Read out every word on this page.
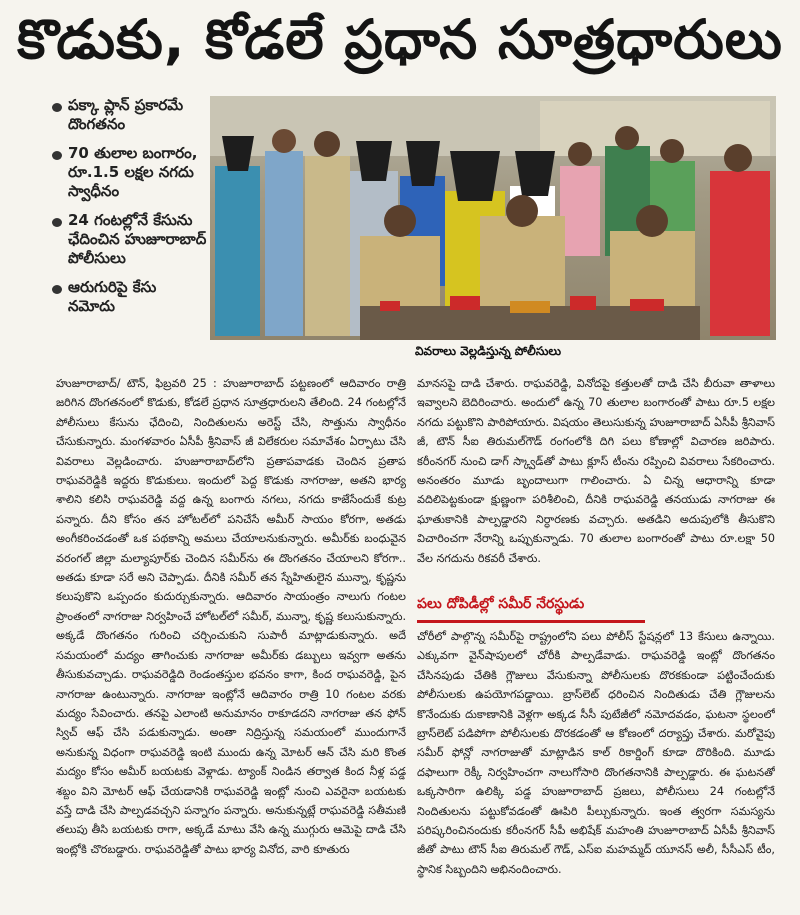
కొడుకు, కోడలే ప్రధాన సూత్రధారులు
పక్కా ప్లాన్ ప్రకారమే దొంగతనం
70 తులాల బంగారం, రూ.1.5 లక్షల నగదు స్వాధీనం
24 గంటల్లోనే కేసును ఛేదించిన హుజూరాబాద్ పోలీసులు
ఆరుగురిపై కేసు నమోదు
వివరాలు వెల్లడిస్తున్న పోలీసులు

హుజూరాబాద్/ టౌన్, ఫిబ్రవరి 25 : హుజూరాబాద్ పట్టణంలో ఆదివారం రాత్రి జరిగిన దొంగతనంలో కొడుకు, కోడలే ప్రధాన సూత్రధారులని తేలింది. 24 గంటల్లోనే పోలీసులు కేసును ఛేదించి, నిందితులను అరెస్ట్ చేసి, సొత్తును స్వాధీనం చేసుకున్నారు. మంగళవారం ఏసీపీ శ్రీనివాస్ జీ విలేకరుల సమావేశం ఏర్పాటు చేసి వివరాలు వెల్లడించారు. హుజూరాబాద్‌లోని ప్రతాపవాడకు చెందిన ప్రతాప రాఘవరెడ్డికి ఇద్దరు కొడుకులు. ఇందులో పెద్ద కొడుకు నాగరాజు, అతని భార్య శాలిని కలిసి రాఘవరెడ్డి వద్ద ఉన్న బంగారు నగలు, నగదు కాజేసేందుకే కుట్ర పన్నారు. దీని కోసం తన హోటల్‌లో పనిచేసే అమీర్ సాయం కోరగా, అతడు అంగీకరించడంతో ఒక పథకాన్ని అమలు చేయాలనుకున్నారు. అమీర్‌కు బంధువైన వరంగల్ జిల్లా మల్యాపూర్‌కు చెందిన సమీర్‌ను ఈ దొంగతనం చేయాలని కోరగా.. అతడు కూడా సరే అని చెప్పాడు. దీనికి సమీర్ తన స్నేహితులైన మున్నా, కృష్ణను కలుపుకొని ఒప్పందం కుదుర్చుకున్నారు. ఆదివారం సాయంత్రం నాలుగు గంటల ప్రాంతంలో నాగరాజు నిర్వహించే హోటల్‌లో సమీర్, మున్నా, కృష్ణ కలుసుకున్నారు. అక్కడే దొంగతనం గురించి చర్చించుకుని సుపారీ మాట్లాడుకున్నారు. అదే సమయంలో మద్యం తాగించుకు నాగరాజు అమీర్‌కు డబ్బులు ఇవ్వగా అతను తీసుకువచ్చాడు. రాఘవరెడ్డిది రెండంతస్తుల భవనం కాగా, కింద రాఘవరెడ్డి, పైన నాగరాజు ఉంటున్నారు. నాగరాజు ఇంట్లోనే ఆదివారం రాత్రి 10 గంటల వరకు మద్యం సేవించారు. తనపై ఎలాంటి అనుమానం రాకూడదని నాగరాజు తన ఫోన్ స్విచ్ ఆఫ్ చేసి పడుకున్నాడు. అంతా నిద్రిస్తున్న సమయంలో ముందుగానే అనుకున్న విధంగా రాఘవరెడ్డి ఇంటి ముందు ఉన్న మోటర్ ఆన్ చేసి మరి కొంత మద్యం కోసం అమీర్ బయటకు వెళ్లాడు. ట్యాంక్ నిండిన తర్వాత కింద నీళ్ల పడ్డ శబ్దం విని మోటర్ ఆఫ్ చేయడానికి రాఘవరెడ్డి ఇంట్లో నుంచి ఎవరైనా బయటకు వస్తే దాడి చేసి పాల్పడవచ్చని పన్నాగం పన్నారు. అనుకున్నట్లే రాఘవరెడ్డి సతీమణి తలుపు తీసి బయటకు రాగా, అక్కడే మాటు వేసి ఉన్న ముగ్గురు ఆమెపై దాడి చేసి ఇంట్లోకి చొరబడ్డారు. రాఘవరెడ్డితో పాటు భార్య వినోద, వారి కూతురు

మానసపై దాడి చేశారు. రాఘవరెడ్డి, వినోదపై కత్తులతో దాడి చేసి బీరువా తాళాలు ఇవ్వాలని బెదిరించారు. అందులో ఉన్న 70 తులాల బంగారంతో పాటు రూ.5 లక్షల నగదు పట్టుకొని పారిపోయారు. విషయం తెలుసుకున్న హుజూరాబాద్ ఏసీపీ శ్రీనివాస్ జీ, టౌన్ సీఐ తిరుమల్‌గౌడ్ రంగంలోకి దిగి పలు కోణాల్లో విచారణ జరిపారు. కరీంనగర్ నుంచి డాగ్ స్క్వాడ్‌తో పాటు క్లూస్ టీంను రప్పించి వివరాలు సేకరించారు. అనంతరం మూడు బృందాలుగా గాలించారు. ఏ చిన్న ఆధారాన్ని కూడా వదిలిపెట్టకుండా క్షుణ్ణంగా పరిశీలించి, దీనికి రాఘవరెడ్డి తనయుడు నాగరాజు ఈ ఘాతుకానికి పాల్పడ్డారని నిర్ధారణకు వచ్చారు. అతడిని అదుపులోకి తీసుకొని విచారించగా నేరాన్ని ఒప్పుకున్నాడు. 70 తులాల బంగారంతో పాటు రూ.లక్షా 50 వేల నగదును రికవరీ చేశారు.

పలు దోపిడీల్లో సమీర్ నేరస్థుడు

చోరీలో పాల్గొన్న సమీర్‌పై రాష్ట్రంలోని పలు పోలీస్ స్టేషన్లలో 13 కేసులు ఉన్నాయి. ఎక్కువగా వైన్‌షాపులలో చోరీకి పాల్పడేవాడు. రాఘవరెడ్డి ఇంట్లో దొంగతనం చేసినపుడు చేతికి గ్లౌజులు వేసుకున్నా పోలీసులకు దొరకకుండా పట్టించేందుకు పోలీసులకు ఉపయోగపడ్డాయి. బ్రాస్‌లెట్ ధరించిన నిందితుడు చేతి గ్లౌజులను కొనేందుకు దుకాణానికి వెళ్లగా అక్కడ సీసీ పుటేజీలో నమోదవడం, ఘటనా స్థలంలో బ్రాస్‌లెట్ పడిపోగా పోలీసులకు దొరకడంతో ఆ కోణంలో దర్యాప్తు చేశారు. మరోవైపు సమీర్ ఫోన్లో నాగరాజుతో మాట్లాడిన కాల్ రికార్డింగ్ కూడా దొరికింది. మూడు దఫాలుగా రెక్కీ నిర్వహించగా నాలుగోసారి దొంగతనానికి పాల్పడ్డారు. ఈ ఘటనతో ఒక్కసారిగా ఉలిక్కి పడ్డ హుజూరాబాద్ ప్రజలు, పోలీసులు 24 గంటల్లోనే నిందితులను పట్టుకోవడంతో ఊపిరి పీల్చుకున్నారు. ఇంత త్వరగా సమస్యను పరిష్కరించినందుకు కరీంనగర్ సీపీ అభిషేక్ మహంతి హుజూరాబాద్ ఏసీపీ శ్రీనివాస్ జీతో పాటు టౌన్ సీఐ తిరుమల్ గౌడ్, ఎస్ఐ మహమ్మద్ యూనస్ అలీ, సీసీఎస్ టీం, స్థానిక సిబ్బందిని అభినందించారు.
